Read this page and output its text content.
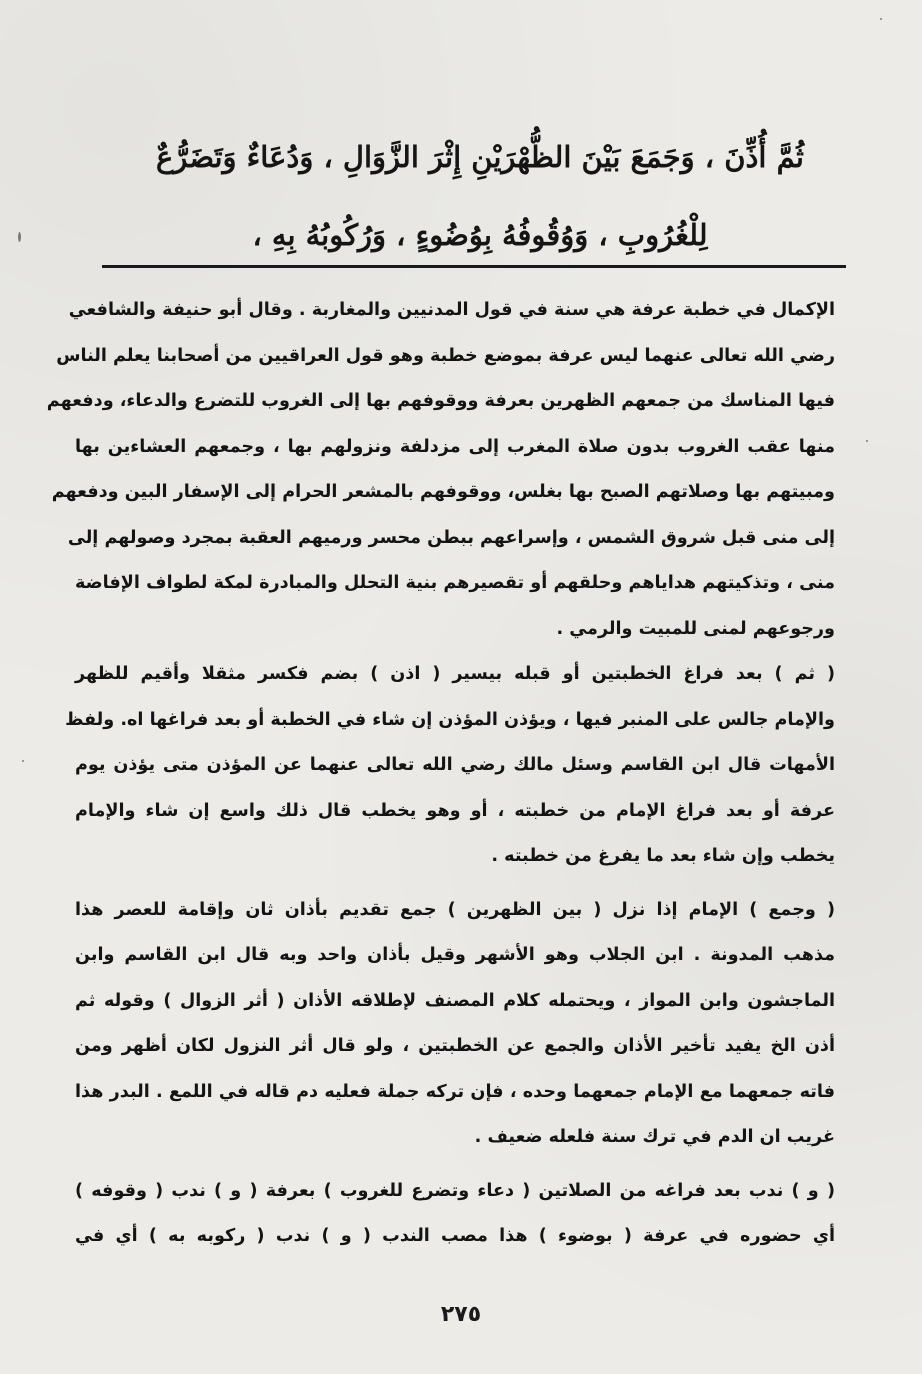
ثُمَّ أُذِّنَ ، وَجَمَعَ بَيْنَ الظُّهْرَيْنِ إِثْرَ الزَّوَالِ ، وَدُعَاءٌ وَتَضَرُّعٌ
لِلْغُرُوبِ ، وَوُقُوفُهُ بِوُضُوءٍ ، وَرُكُوبُهُ بِهِ ،
الإكمال في خطبة عرفة هي سنة في قول المدنيين والمغاربة . وقال أبو حنيفة والشافعي
رضي الله تعالى عنهما ليس عرفة بموضع خطبة وهو قول العراقيين من أصحابنا يعلم الناس
فيها المناسك من جمعهم الظهرين بعرفة ووقوفهم بها إلى الغروب للتضرع والدعاء، ودفعهم
منها عقب الغروب بدون صلاة المغرب إلى مزدلفة ونزولهم بها ، وجمعهم العشاءين بها
ومبيتهم بها وصلاتهم الصبح بها بغلس، ووقوفهم بالمشعر الحرام إلى الإسفار البين ودفعهم
إلى منى قبل شروق الشمس ، وإسراعهم ببطن محسر ورميهم العقبة بمجرد وصولهم إلى
منى ، وتذكيتهم هداياهم وحلقهم أو تقصيرهم بنية التحلل والمبادرة لمكة لطواف الإفاضة
ورجوعهم لمنى للمبيت والرمي .
( ثم ) بعد فراغ الخطبتين أو قبله بيسير ( اذن ) بضم فكسر مثقلا وأقيم للظهر
والإمام جالس على المنبر فيها ، ويؤذن المؤذن إن شاء في الخطبة أو بعد فراغها اه. ولفظ
الأمهات قال ابن القاسم وسئل مالك رضي الله تعالى عنهما عن المؤذن متى يؤذن يوم
عرفة أو بعد فراغ الإمام من خطبته ، أو وهو يخطب قال ذلك واسع إن شاء والإمام
يخطب وإن شاء بعد ما يفرغ من خطبته .
( وجمع ) الإمام إذا نزل ( بين الظهرين ) جمع تقديم بأذان ثان وإقامة للعصر هذا
مذهب المدونة . ابن الجلاب وهو الأشهر وقيل بأذان واحد وبه قال ابن القاسم وابن
الماجشون وابن المواز ، ويحتمله كلام المصنف لإطلاقه الأذان ( أثر الزوال ) وقوله ثم
أذن الخ يفيد تأخير الأذان والجمع عن الخطبتين ، ولو قال أثر النزول لكان أظهر ومن
فاته جمعهما مع الإمام جمعهما وحده ، فإن تركه جملة فعليه دم قاله في اللمع . البدر هذا
غريب ان الدم في ترك سنة فلعله ضعيف .
( و ) ندب بعد فراغه من الصلاتين ( دعاء وتضرع للغروب ) بعرفة ( و ) ندب ( وقوفه )
أي حضوره في عرفة ( بوضوء ) هذا مصب الندب ( و ) ندب ( ركوبه به ) أي في
٢٧٥
